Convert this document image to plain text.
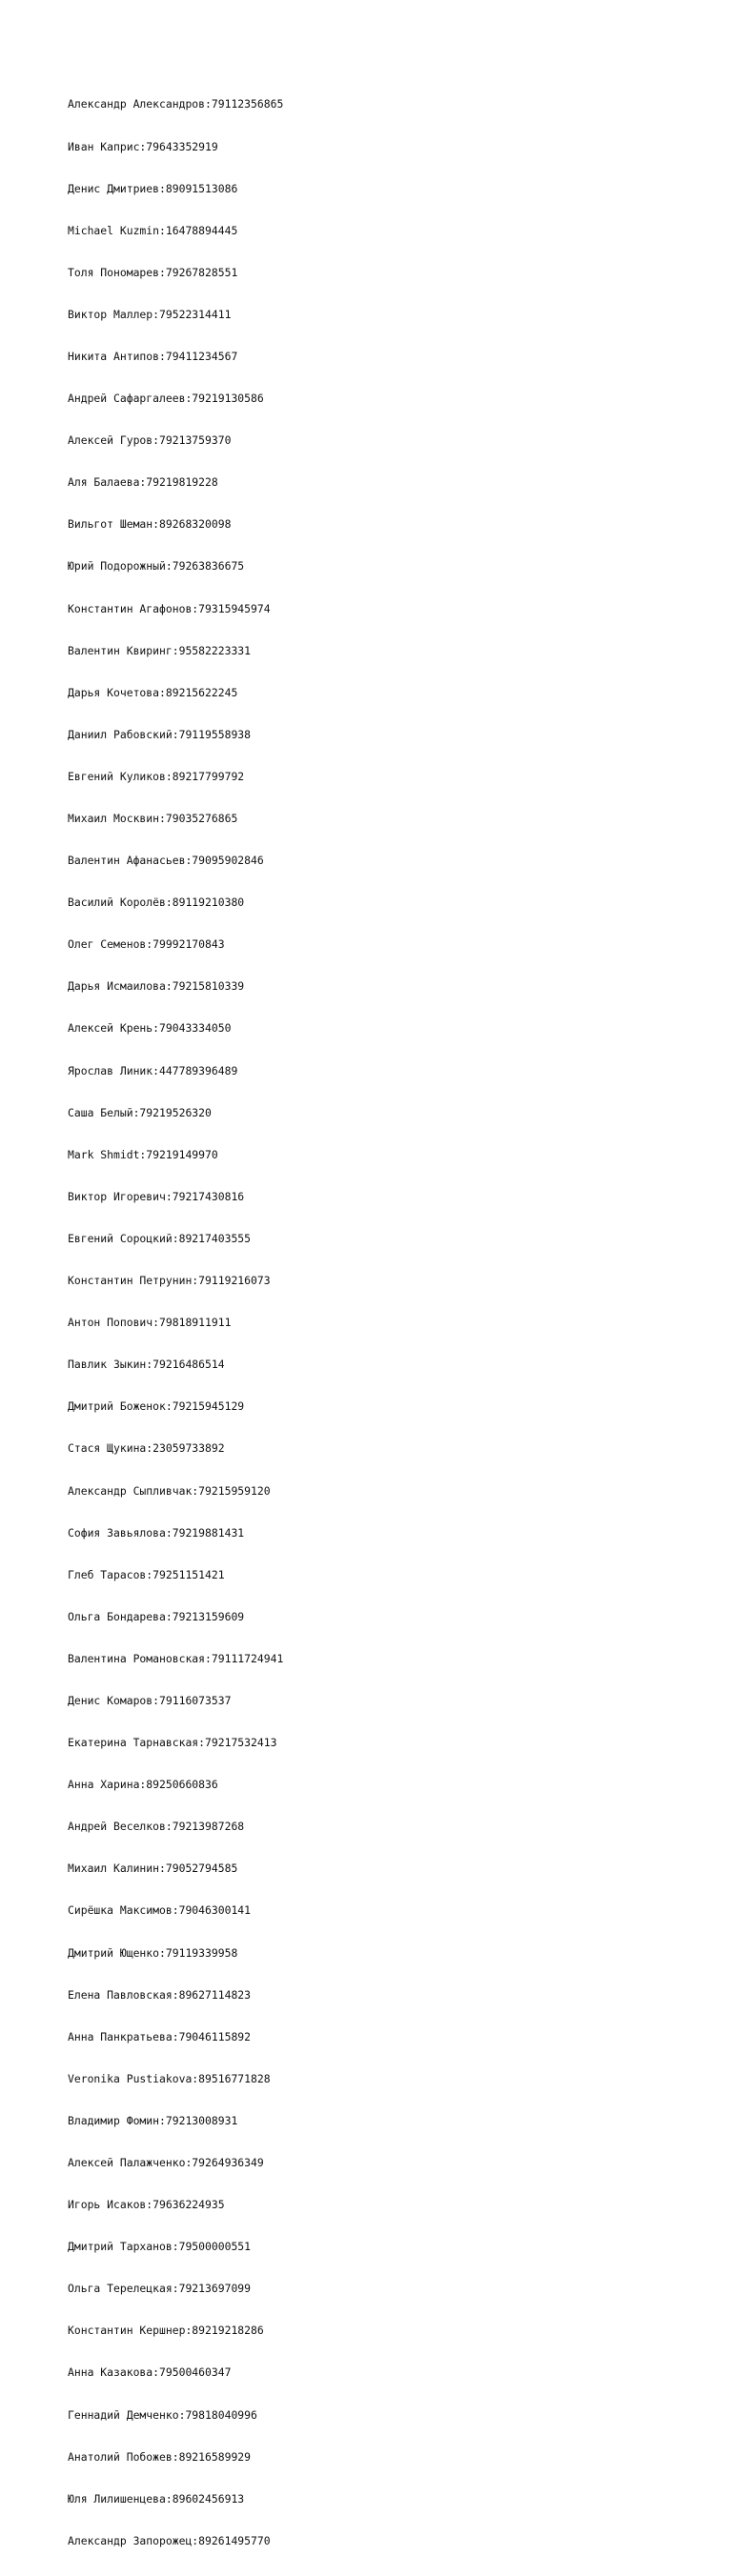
Александр Александров:79112356865

Иван Каприс:79643352919

Денис Дмитриев:89091513086

Michael Kuzmin:16478894445

Толя Пономарев:79267828551

Виктор Маллер:79522314411

Никита Антипов:79411234567

Андрей Сафаргалеев:79219130586

Алексей Гуров:79213759370

Аля Балаева:79219819228

Вильгот Шеман:89268320098

Юрий Подорожный:79263836675

Константин Агафонов:79315945974

Валентин Квиринг:95582223331

Дарья Кочетова:89215622245

Даниил Рабовский:79119558938

Евгений Куликов:89217799792

Михаил Москвин:79035276865

Валентин Афанасьев:79095902846

Василий Королёв:89119210380

Олег Семенов:79992170843

Дарья Исмаилова:79215810339

Алексей Крень:79043334050

Ярослав Линик:447789396489

Саша Белый:79219526320

Mark Shmidt:79219149970

Виктор Игоревич:79217430816

Евгений Сороцкий:89217403555

Константин Петрунин:79119216073

Антон Попович:79818911911

Павлик Зыкин:79216486514

Дмитрий Боженок:79215945129

Стася Щукина:23059733892

Александр Сыпливчак:79215959120

София Завьялова:79219881431

Глеб Тарасов:79251151421

Ольга Бондарева:79213159609

Валентина Романовская:79111724941

Денис Комаров:79116073537

Екатерина Тарнавская:79217532413

Анна Харина:89250660836

Андрей Веселков:79213987268

Михаил Калинин:79052794585

Сирёшка Максимов:79046300141

Дмитрий Ющенко:79119339958

Елена Павловская:89627114823

Анна Панкратьева:79046115892

Veronika Pustiakova:89516771828

Владимир Фомин:79213008931

Алексей Палажченко:79264936349

Игорь Исаков:79636224935

Дмитрий Тарханов:79500000551

Ольга Терелецкая:79213697099

Константин Кершнер:89219218286

Анна Казакова:79500460347

Геннадий Демченко:79818040996

Анатолий Побожев:89216589929

Юля Лилишенцева:89602456913

Александр Запорожец:89261495770
